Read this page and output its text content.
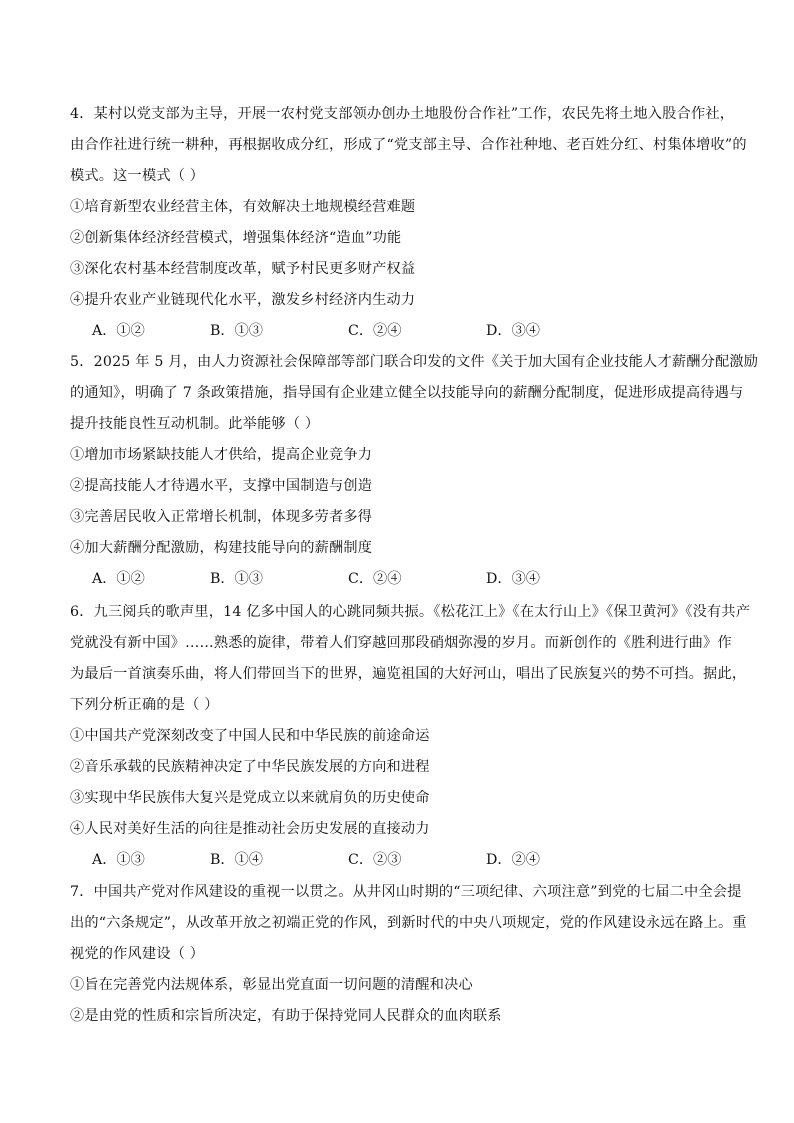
4．某村以党支部为主导，开展一农村党支部领办创办土地股份合作社”工作，农民先将土地入股合作社，
由合作社进行统一耕种，再根据收成分红，形成了“党支部主导、合作社种地、老百姓分红、村集体增收”的
模式。这一模式（ ）
①培育新型农业经营主体，有效解决土地规模经营难题
②创新集体经济经营模式，增强集体经济“造血”功能
③深化农村基本经营制度改革，赋予村民更多财产权益
④提升农业产业链现代化水平，激发乡村经济内生动力
A．①②	B．①③	C．②④	D．③④
5．2025 年 5 月，由人力资源社会保障部等部门联合印发的文件《关于加大国有企业技能人才薪酬分配激励
的通知》，明确了 7 条政策措施，指导国有企业建立健全以技能导向的薪酬分配制度，促进形成提高待遇与
提升技能良性互动机制。此举能够（ ）
①增加市场紧缺技能人才供给，提高企业竞争力
②提高技能人才待遇水平，支撑中国制造与创造
③完善居民收入正常增长机制，体现多劳者多得
④加大薪酬分配激励，构建技能导向的薪酬制度
A．①②	B．①③	C．②④	D．③④
6．九三阅兵的歌声里，14 亿多中国人的心跳同频共振。《松花江上》《在太行山上》《保卫黄河》《没有共产
党就没有新中国》……熟悉的旋律，带着人们穿越回那段硝烟弥漫的岁月。而新创作的《胜利进行曲》作
为最后一首演奏乐曲，将人们带回当下的世界，遍览祖国的大好河山，唱出了民族复兴的势不可挡。据此，
下列分析正确的是（ ）
①中国共产党深刻改变了中国人民和中华民族的前途命运
②音乐承载的民族精神决定了中华民族发展的方向和进程
③实现中华民族伟大复兴是党成立以来就肩负的历史使命
④人民对美好生活的向往是推动社会历史发展的直接动力
A．①③	B．①④	C．②③	D．②④
7．中国共产党对作风建设的重视一以贯之。从井冈山时期的“三项纪律、六项注意”到党的七届二中全会提
出的“六条规定”，从改革开放之初端正党的作风，到新时代的中央八项规定，党的作风建设永远在路上。重
视党的作风建设（ ）
①旨在完善党内法规体系，彰显出党直面一切问题的清醒和决心
②是由党的性质和宗旨所决定，有助于保持党同人民群众的血肉联系
